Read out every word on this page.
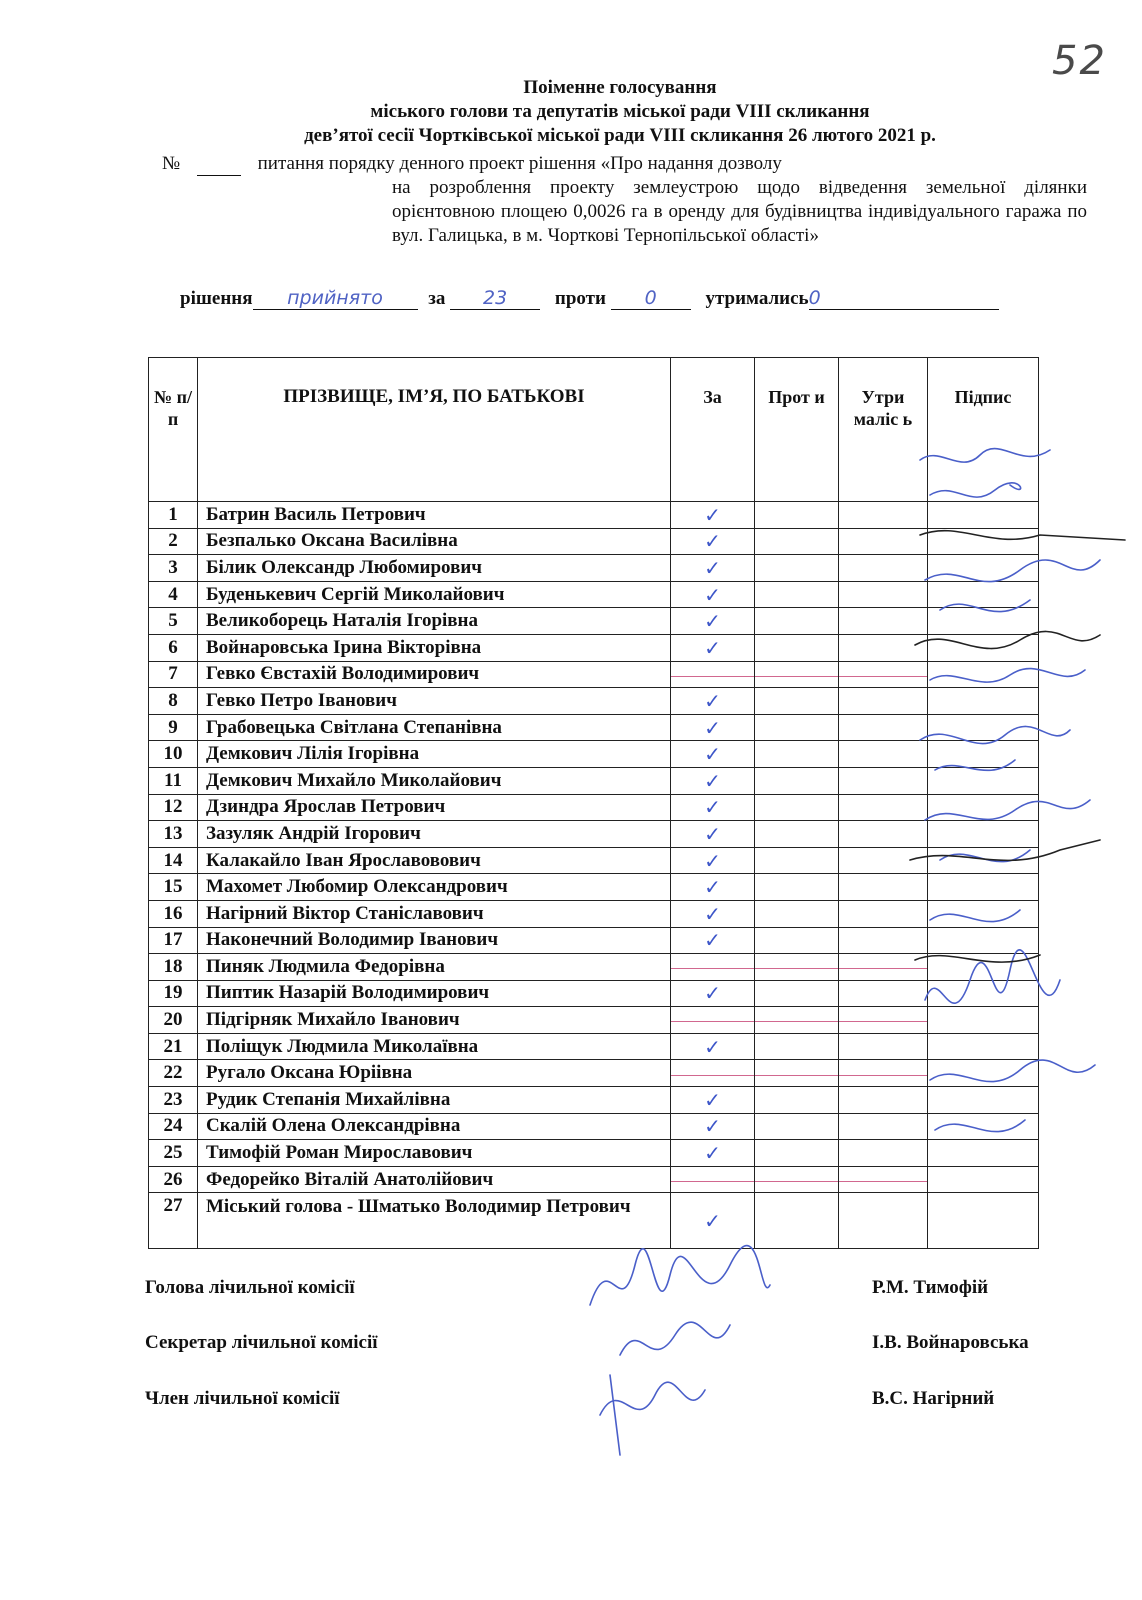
52
Поіменне голосування
міського голови та депутатів міської ради VIII скликання
дев’ятої сесії Чортківської міської ради VIII скликання 26 лютого 2021 р.
№	питання порядку денного проект рішення «Про надання дозволу
на розроблення проекту землеустрою щодо відведення земельної ділянки орієнтовною площею 0,0026 га в оренду для будівництва індивідуального гаража по вул. Галицька, в м. Чорткові Тернопільської області»
рішення прийнято за 23	проти 0	утримались0
№ п/п	ПРІЗВИЩЕ, ІМ’Я, ПО БАТЬКОВІ	За	Прот и	Утри маліс ь	Підпис
1	Батрин Василь Петрович	✓			
2	Безпалько Оксана Василівна	✓			
3	Білик Олександр Любомирович	✓			
4	Буденькевич Сергій Миколайович	✓			
5	Великоборець Наталія Ігорівна	✓			
6	Войнаровська Ірина Вікторівна	✓			
7	Гевко Євстахій Володимирович				
8	Гевко Петро Іванович	✓			
9	Грабовецька Світлана Степанівна	✓			
10	Демкович Лілія Ігорівна	✓			
11	Демкович Михайло Миколайович	✓			
12	Дзиндра Ярослав Петрович	✓			
13	Зазуляк Андрій Ігорович	✓			
14	Калакайло Іван Ярославовович	✓			
15	Махомет Любомир Олександрович	✓			
16	Нагірний Віктор Станіславович	✓			
17	Наконечний Володимир Іванович	✓			
18	Пиняк Людмила Федорівна				
19	Пиптик Назарій Володимирович	✓			
20	Підгірняк Михайло Іванович				
21	Поліщук Людмила Миколаївна	✓			
22	Ругало Оксана Юріівна				
23	Рудик Степанія Михайлівна	✓			
24	Скалій Олена Олександрівна	✓			
25	Тимофій Роман Мирославович	✓			
26	Федорейко Віталій Анатолійович				
27	Міський голова - Шматько Володимир Петрович	✓			
Голова лічильної комісії	Р.М. Тимофій
Секретар лічильної комісії	І.В. Войнаровська
Член лічильної комісії	В.С. Нагірний
